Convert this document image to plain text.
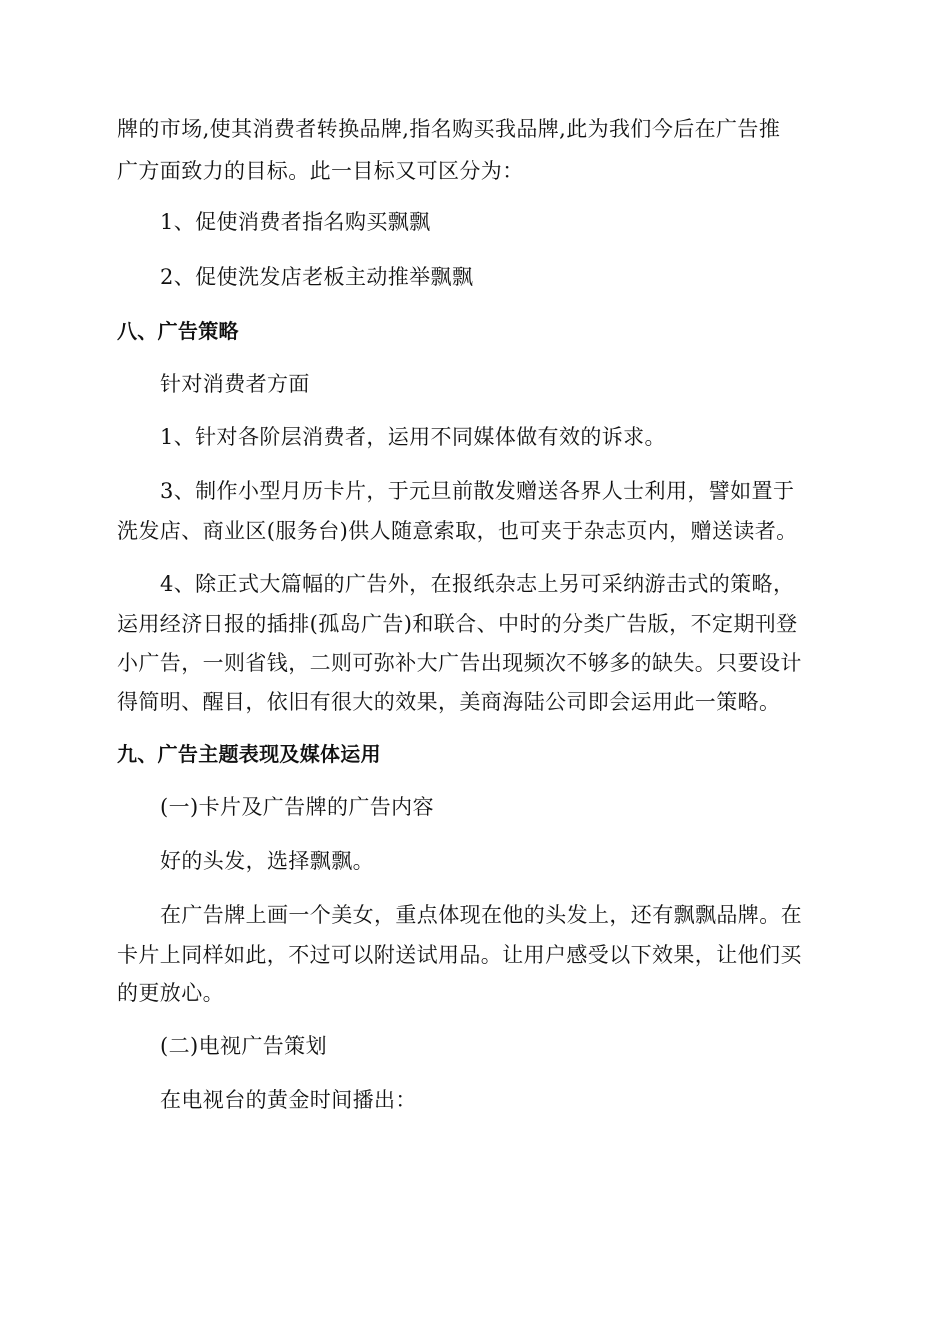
牌的市场,使其消费者转换品牌,指名购买我品牌,此为我们今后在广告推
广方面致力的目标。此一目标又可区分为：
1、促使消费者指名购买飘飘
2、促使洗发店老板主动推举飘飘
八、广告策略
针对消费者方面
1、针对各阶层消费者，运用不同媒体做有效的诉求。
3、制作小型月历卡片，于元旦前散发赠送各界人士利用，譬如置于
洗发店、商业区(服务台)供人随意索取，也可夹于杂志页内，赠送读者。
4、除正式大篇幅的广告外，在报纸杂志上另可采纳游击式的策略，
运用经济日报的插排(孤岛广告)和联合、中时的分类广告版，不定期刊登
小广告，一则省钱，二则可弥补大广告出现频次不够多的缺失。只要设计
得简明、醒目，依旧有很大的效果，美商海陆公司即会运用此一策略。
九、广告主题表现及媒体运用
(一)卡片及广告牌的广告内容
好的头发，选择飘飘。
在广告牌上画一个美女，重点体现在他的头发上，还有飘飘品牌。在
卡片上同样如此，不过可以附送试用品。让用户感受以下效果，让他们买
的更放心。
(二)电视广告策划
在电视台的黄金时间播出：
